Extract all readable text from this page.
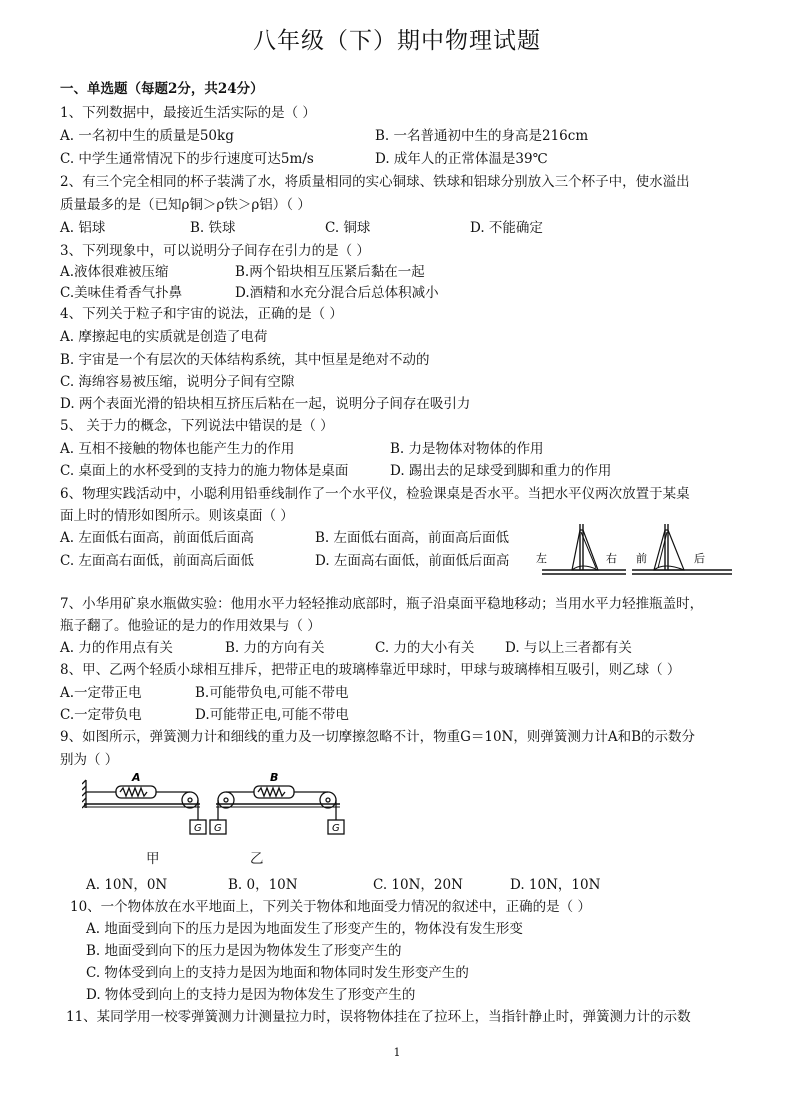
八年级（下）期中物理试题
一、单选题（每题2分，共24分）
1、下列数据中，最接近生活实际的是（ ）
A. 一名初中生的质量是50kg	B. 一名普通初中生的身高是216cm
C. 中学生通常情况下的步行速度可达5m/s	D. 成年人的正常体温是39℃
2、有三个完全相同的杯子装满了水，将质量相同的实心铜球、铁球和铝球分别放入三个杯子中，使水溢出
质量最多的是（已知ρ铜＞ρ铁＞ρ铝）（ ）
A. 铝球	B. 铁球	C. 铜球	D. 不能确定
3、下列现象中，可以说明分子间存在引力的是（ ）
A.液体很难被压缩	B.两个铅块相互压紧后黏在一起
C.美味佳肴香气扑鼻	D.酒精和水充分混合后总体积减小
4、下列关于粒子和宇宙的说法，正确的是（ ）
A. 摩擦起电的实质就是创造了电荷
B. 宇宙是一个有层次的天体结构系统，其中恒星是绝对不动的
C. 海绵容易被压缩，说明分子间有空隙
D. 两个表面光滑的铅块相互挤压后粘在一起，说明分子间存在吸引力
5、 关于力的概念，下列说法中错误的是（ ）
A. 互相不接触的物体也能产生力的作用	B. 力是物体对物体的作用
C. 桌面上的水杯受到的支持力的施力物体是桌面	D. 踢出去的足球受到脚和重力的作用
6、物理实践活动中，小聪利用铅垂线制作了一个水平仪，检验课桌是否水平。当把水平仪两次放置于某桌
面上时的情形如图所示。则该桌面（ ）
A. 左面低右面高，前面低后面高	B. 左面低右面高，前面高后面低
C. 左面高右面低，前面高后面低	D. 左面高右面低，前面低后面高 左	右 前	后
7、小华用矿泉水瓶做实验：他用水平力轻轻推动底部时，瓶子沿桌面平稳地移动；当用水平力轻推瓶盖时，
瓶子翻了。他验证的是力的作用效果与（ ）
A. 力的作用点有关	B. 力的方向有关	C. 力的大小有关 D. 与以上三者都有关
8、甲、乙两个轻质小球相互排斥，把带正电的玻璃棒靠近甲球时，甲球与玻璃棒相互吸引，则乙球（ ）
A.一定带正电	B.可能带负电,可能不带电
C.一定带负电	D.可能带正电,可能不带电
9、如图所示，弹簧测力计和细线的重力及一切摩擦忽略不计，物重G＝10N，则弹簧测力计A和B的示数分
别为（ ）
A
G
B
G	G
甲	乙
A. 10N，0N	B. 0，10N	C. 10N，20N	D. 10N，10N
10、一个物体放在水平地面上，下列关于物体和地面受力情况的叙述中，正确的是（ ）
A. 地面受到向下的压力是因为地面发生了形变产生的，物体没有发生形变
B. 地面受到向下的压力是因为物体发生了形变产生的
C. 物体受到向上的支持力是因为地面和物体同时发生形变产生的
D. 物体受到向上的支持力是因为物体发生了形变产生的
11、某同学用一校零弹簧测力计测量拉力时，误将物体挂在了拉环上，当指针静止时，弹簧测力计的示数
1
